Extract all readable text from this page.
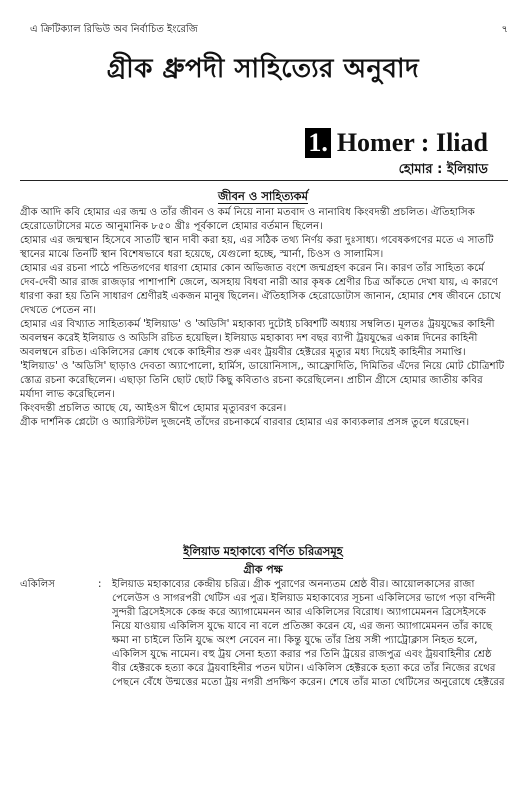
এ ক্রিটিক্যাল রিভিউ অব নির্বাচিত ইংরেজি	৭
গ্রীক ধ্রুপদী সাহিত্যের অনুবাদ
1. Homer : Iliad
হোমার : ইলিয়াড
জীবন ও সাহিত্যকর্ম

গ্রীক আদি কবি হোমার এর জন্ম ও তাঁর জীবন ও কর্ম নিয়ে নানা মতবাদ ও নানাবিধ কিংবদন্তী প্রচলিত। ঐতিহাসিক হেরোডোটাসের মতে আনুমানিক ৮৫০ খ্রীঃ পূর্বকালে হোমার বর্তমান ছিলেন।

হোমার এর জন্মস্থান হিসেবে সাতটি স্থান দাবী করা হয়, এর সঠিক তথ্য নির্ণয় করা দুঃসাধ্য। গবেষকগণের মতে এ সাতটি স্থানের মাঝে তিনটি স্থান বিশেষভাবে ধরা হয়েছে, যেগুলো হচ্ছে, স্মার্না, চিওস ও সালামিস।

হোমার এর রচনা পাঠে পন্ডিতগণের ধারণা হোমার কোন অভিজাত বংশে জন্মগ্রহণ করেন নি। কারণ তাঁর সাহিত্য কর্মে দেব-দেবী আর রাজ রাজড়ার পাশাপাশি জেলে, অসহায় বিধবা নারী আর কৃষক শ্রেণীর চিত্র আঁকতে দেখা যায়, এ কারণে ধারণা করা হয় তিনি সাধারণ শ্রেণীরই একজন মানুষ ছিলেন। ঐতিহাসিক হেরোডোটাস জানান, হোমার শেষ জীবনে চোখে দেখতে পেতেন না।

হোমার এর বিখ্যাত সাহিত্যকর্ম 'ইলিয়াড' ও 'অডিসি' মহাকাব্য দুটোই চব্বিশটি অধ্যায় সম্বলিত। মূলতঃ ট্রয়যুদ্ধের কাহিনী অবলম্বন করেই ইলিয়াড ও অডিসি রচিত হয়েছিল। ইলিয়াড মহাকাব্য দশ বছর ব্যাপী ট্রয়যুদ্ধের একান্ন দিনের কাহিনী অবলম্বনে রচিত। একিলিসের ক্রোধ থেকে কাহিনীর শুরু এবং ট্রয়বীর হেক্টরের মৃত্যুর মধ্য দিয়েই কাহিনীর সমাপ্তি।

'ইলিয়াড' ও 'অডিসি' ছাড়াও দেবতা অ্যাপোলো, হার্মিস, ডায়োনিসাস,, আফ্রোদিতি, দিমিতির এঁদের নিয়ে মোট চৌত্রিশটি স্তোত্র রচনা করেছিলেন। এছাড়া তিনি ছোট ছোট কিছু কবিতাও রচনা করেছিলেন। প্রাচীন গ্রীসে হোমার জাতীয় কবির মর্যাদা লাভ করেছিলেন।

কিংবদন্তী প্রচলিত আছে যে, আইওস দ্বীপে হোমার মৃত্যুবরণ করেন।

গ্রীক দার্শনিক প্লেটো ও অ্যারিস্টটল দুজনেই তাঁদের রচনাকর্মে বারবার হোমার এর কাব্যকলার প্রসঙ্গ তুলে ধরেছেন।

ইলিয়াড মহাকাব্যে বর্ণিত চরিত্রসমূহ
গ্রীক পক্ষ
একিলিস	:	ইলিয়াড মহাকাব্যের কেন্দ্রীয় চরিত্র। গ্রীক পুরাণের অনন্যতম শ্রেষ্ঠ বীর। আয়োলকাসের রাজা পেলেউস ও সাগরপরী থেটিস এর পুত্র। ইলিয়াড মহাকাব্যের সূচনা একিলিসের ভাগে পড়া বন্দিনী সুন্দরী ব্রিসেইসকে কেন্দ্র করে অ্যাগামেমনন আর একিলিসের বিরোধ। অ্যাগামেমনন ব্রিসেইসকে নিয়ে যাওয়ায় একিলিস যুদ্ধে যাবে না বলে প্রতিজ্ঞা করেন যে, এর জন্য অ্যাগামেমনন তাঁর কাছে ক্ষমা না চাইলে তিনি যুদ্ধে অংশ নেবেন না। কিন্তু যুদ্ধে তাঁর প্রিয় সঙ্গী প্যাট্রোক্লাস নিহত হলে, একিলিস যুদ্ধে নামেন। বহু ট্রয় সেনা হত্যা করার পর তিনি ট্রয়ের রাজপুত্র এবং ট্রয়বাহিনীর শ্রেষ্ঠ বীর হেক্টরকে হত্যা করে ট্রয়বাহিনীর পতন ঘটান। একিলিস হেক্টরকে হত্যা করে তাঁর নিজের রথের পেছনে বেঁধে উন্মত্তের মতো ট্রয় নগরী প্রদক্ষিণ করেন। শেষে তাঁর মাতা থেটিসের অনুরোধে হেক্টরের
